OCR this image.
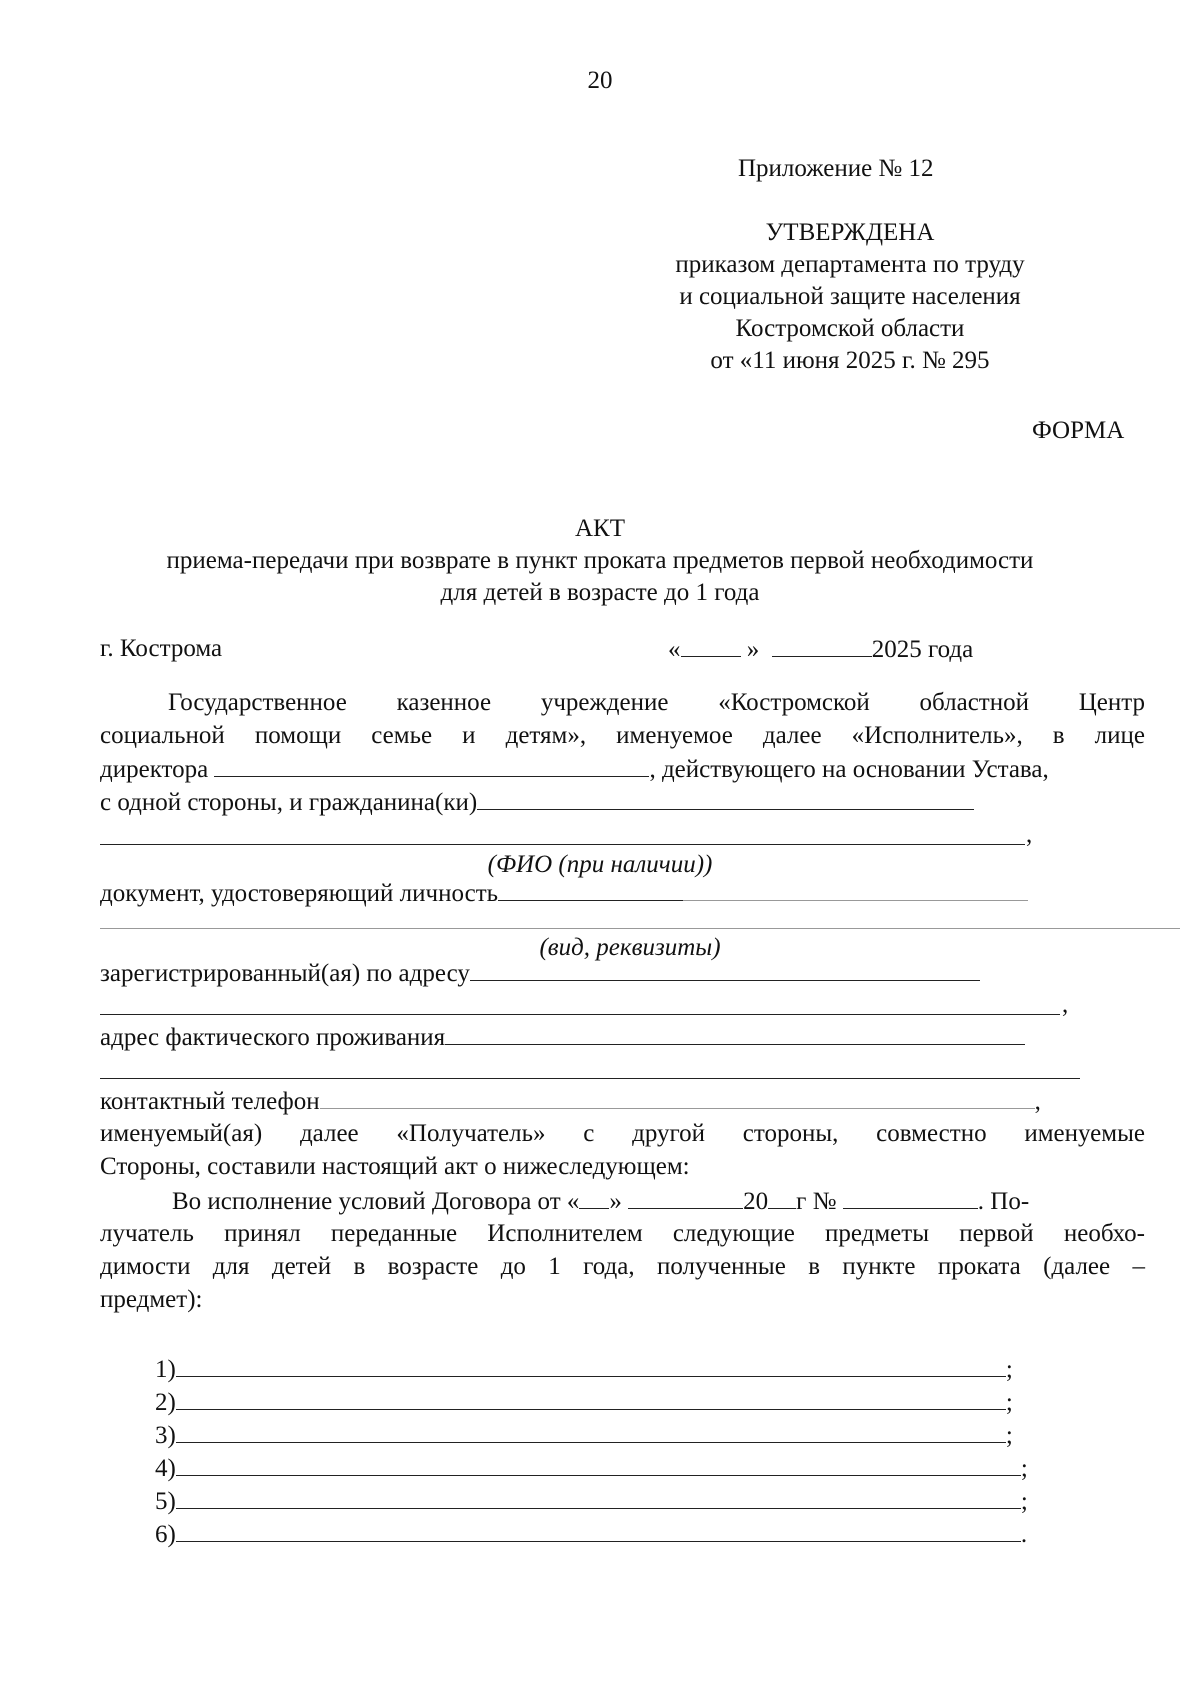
20
Приложение № 12
УТВЕРЖДЕНА
приказом департамента по труду
и социальной защите населения
Костромской области
от «11 июня 2025 г. № 295
ФОРМА
АКТ
приема-передачи при возврате в пункт проката предметов первой необходимости
для детей в возрасте до 1 года
г. Кострома	«	»	2025 года
Государственное казенное учреждение «Костромской областной Центр
социальной помощи семье и детям», именуемое далее «Исполнитель», в лице
директора	, действующего на основании Устава,
с одной стороны, и гражданина(ки)
,
(ФИО (при наличии))
документ, удостоверяющий личность
(вид, реквизиты)
зарегистрированный(ая) по адресу
,
адрес фактического проживания
контактный телефон	,
именуемый(ая) далее «Получатель» с другой стороны, совместно именуемые
Стороны, составили настоящий акт о нижеследующем:
Во исполнение условий Договора от « »	20 г №	. По-
лучатель принял переданные Исполнителем следующие предметы первой необхо-
димости для детей в возрасте до 1 года, полученные в пункте проката (далее –
предмет):
1)	;
2)	;
3)	;
4)	;
5)	;
6)	.
